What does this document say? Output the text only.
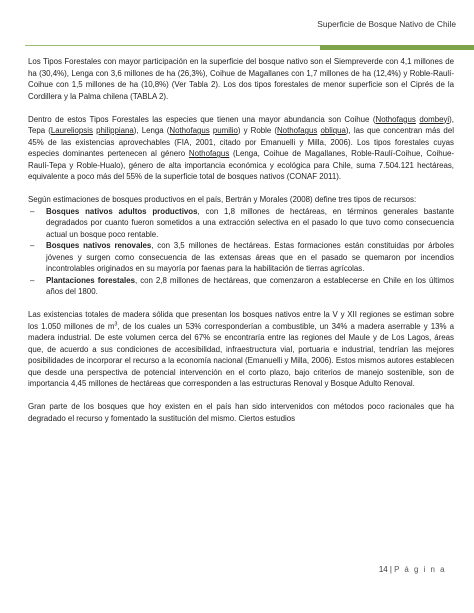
Superficie de Bosque Nativo de Chile

Los Tipos Forestales con mayor participación en la superficie del bosque nativo son el Siempreverde con 4,1 millones de ha (30,4%), Lenga con 3,6 millones de ha (26,3%), Coihue de Magallanes con 1,7 millones de ha (12,4%) y Roble-Raulí-Coihue con 1,5 millones de ha (10,8%) (Ver Tabla 2). Los dos tipos forestales de menor superficie son el Ciprés de la Cordillera y la Palma chilena (TABLA 2).

Dentro de estos Tipos Forestales las especies que tienen una mayor abundancia son Coihue (Nothofagus dombeyi), Tepa (Laureliopsis philippiana), Lenga (Nothofagus pumilio) y Roble (Nothofagus obliqua), las que concentran más del 45% de las existencias aprovechables (FIA, 2001, citado por Emanuelli y Milla, 2006). Los tipos forestales cuyas especies dominantes pertenecen al género Nothofagus (Lenga, Coihue de Magallanes, Roble-Raulí-Coihue, Coihue-Raulí-Tepa y Roble-Hualo), género de alta importancia económica y ecológica para Chile, suma 7.504.121 hectáreas, equivalente a poco más del 55% de la superficie total de bosques nativos (CONAF 2011).

Según estimaciones de bosques productivos en el país, Bertrán y Morales (2008) define tres tipos de recursos:

– Bosques nativos adultos productivos, con 1,8 millones de hectáreas, en términos generales bastante degradados por cuanto fueron sometidos a una extracción selectiva en el pasado lo que tuvo como consecuencia actual un bosque poco rentable.
– Bosques nativos renovales, con 3,5 millones de hectáreas. Estas formaciones están constituidas por árboles jóvenes y surgen como consecuencia de las extensas áreas que en el pasado se quemaron por incendios incontrolables originados en su mayoría por faenas para la habilitación de tierras agrícolas.
– Plantaciones forestales, con 2,8 millones de hectáreas, que comenzaron a establecerse en Chile en los últimos años del 1800.

Las existencias totales de madera sólida que presentan los bosques nativos entre la V y XII regiones se estiman sobre los 1.050 millones de $m^3$, de los cuales un 53% corresponderían a combustible, un 34% a madera aserrable y 13% a madera industrial. De este volumen cerca del 67% se encontraría entre las regiones del Maule y de Los Lagos, áreas que, de acuerdo a sus condiciones de accesibilidad, infraestructura vial, portuaria e industrial, tendrían las mejores posibilidades de incorporar el recurso a la economía nacional (Emanuelli y Milla, 2006). Estos mismos autores establecen que desde una perspectiva de potencial intervención en el corto plazo, bajo criterios de manejo sostenible, son de importancia 4,45 millones de hectáreas que corresponden a las estructuras Renoval y Bosque Adulto Renoval.

Gran parte de los bosques que hoy existen en el país han sido intervenidos con métodos poco racionales que ha degradado el recurso y fomentado la sustitución del mismo. Ciertos estudios

14 | P á g i n a
